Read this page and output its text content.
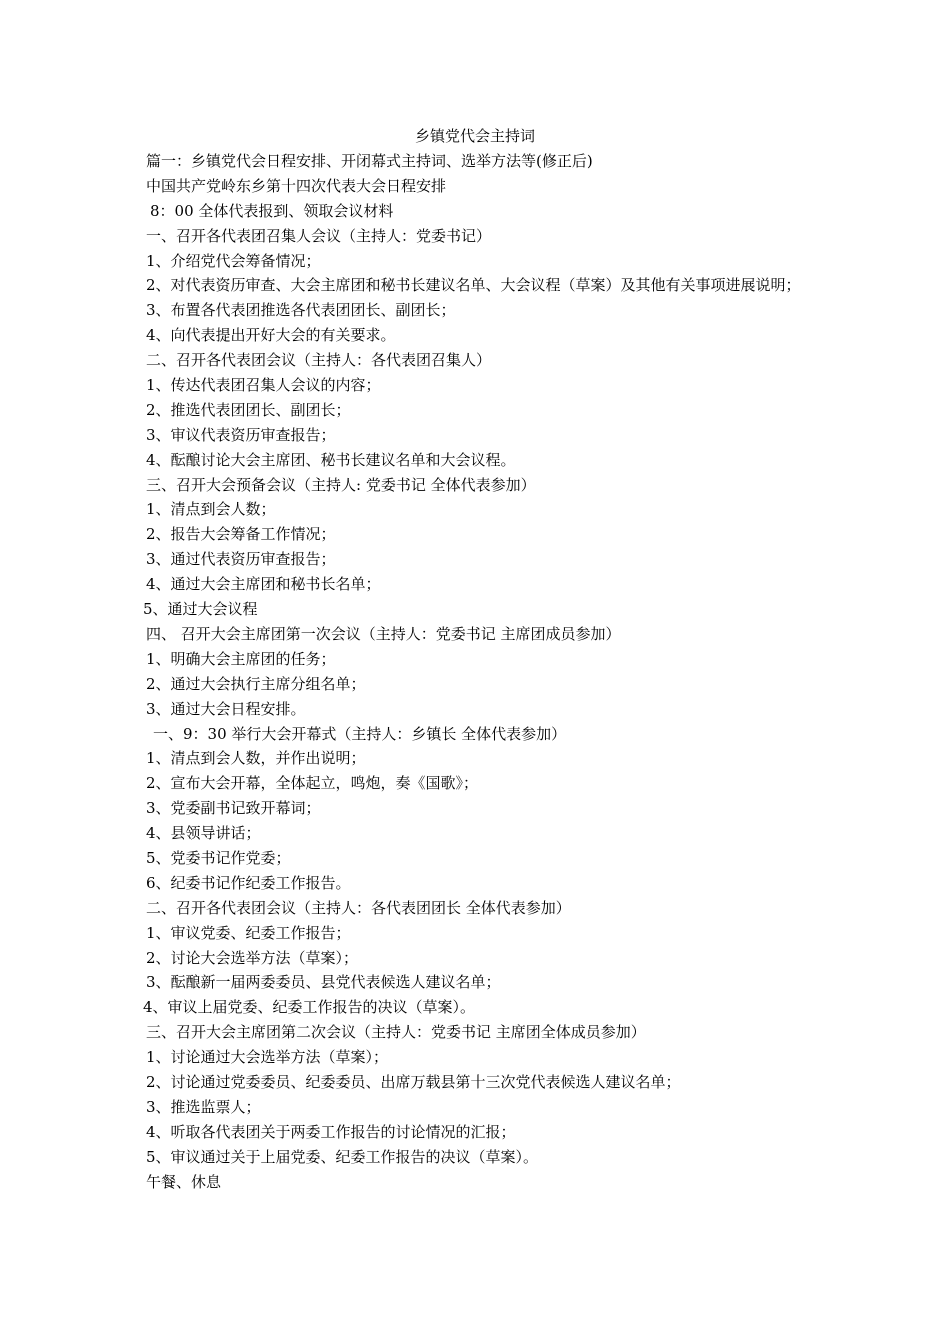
乡镇党代会主持词
篇一：乡镇党代会日程安排、开闭幕式主持词、选举方法等(修正后)
中国共产党岭东乡第十四次代表大会日程安排
8：00 全体代表报到、领取会议材料
一、召开各代表团召集人会议（主持人：党委书记）
1、介绍党代会筹备情况；
2、对代表资历审查、大会主席团和秘书长建议名单、大会议程（草案）及其他有关事项进展说明；
3、布置各代表团推选各代表团团长、副团长；
4、向代表提出开好大会的有关要求。
二、召开各代表团会议（主持人：各代表团召集人）
1、传达代表团召集人会议的内容；
2、推选代表团团长、副团长；
3、审议代表资历审查报告；
4、酝酿讨论大会主席团、秘书长建议名单和大会议程。
三、召开大会预备会议（主持人: 党委书记 全体代表参加）
1、清点到会人数；
2、报告大会筹备工作情况；
3、通过代表资历审查报告；
4、通过大会主席团和秘书长名单；
5、通过大会议程
四、 召开大会主席团第一次会议（主持人：党委书记 主席团成员参加）
1、明确大会主席团的任务；
2、通过大会执行主席分组名单；
3、通过大会日程安排。
一、9：30 举行大会开幕式（主持人：乡镇长 全体代表参加）
1、清点到会人数，并作出说明；
2、宣布大会开幕，全体起立，鸣炮，奏《国歌》；
3、党委副书记致开幕词；
4、县领导讲话；
5、党委书记作党委；
6、纪委书记作纪委工作报告。
二、召开各代表团会议（主持人：各代表团团长 全体代表参加）
1、审议党委、纪委工作报告；
2、讨论大会选举方法（草案）；
3、酝酿新一届两委委员、县党代表候选人建议名单；
4、审议上届党委、纪委工作报告的决议（草案）。
三、召开大会主席团第二次会议（主持人：党委书记 主席团全体成员参加）
1、讨论通过大会选举方法（草案）；
2、讨论通过党委委员、纪委委员、出席万载县第十三次党代表候选人建议名单；
3、推选监票人；
4、听取各代表团关于两委工作报告的讨论情况的汇报；
5、审议通过关于上届党委、纪委工作报告的决议（草案）。
午餐、休息
